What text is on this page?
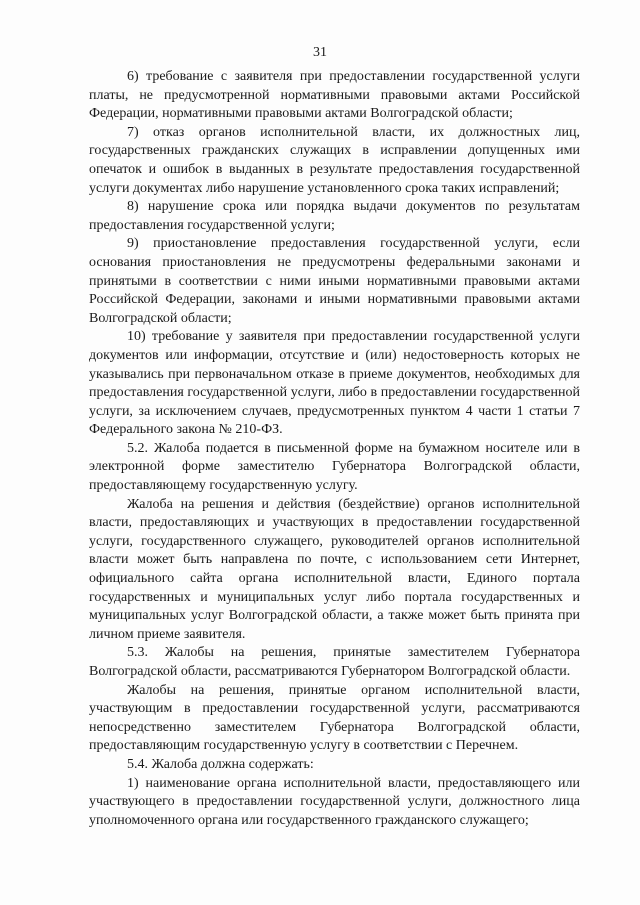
31

6) требование с заявителя при предоставлении государственной услуги платы, не предусмотренной нормативными правовыми актами Российской Федерации, нормативными правовыми актами Волгоградской области;

7) отказ органов исполнительной власти, их должностных лиц, государственных гражданских служащих в исправлении допущенных ими опечаток и ошибок в выданных в результате предоставления государственной услуги документах либо нарушение установленного срока таких исправлений;

8) нарушение срока или порядка выдачи документов по результатам предоставления государственной услуги;

9) приостановление предоставления государственной услуги, если основания приостановления не предусмотрены федеральными законами и принятыми в соответствии с ними иными нормативными правовыми актами Российской Федерации, законами и иными нормативными правовыми актами Волгоградской области;

10) требование у заявителя при предоставлении государственной услуги документов или информации, отсутствие и (или) недостоверность которых не указывались при первоначальном отказе в приеме документов, необходимых для предоставления государственной услуги, либо в предоставлении государственной услуги, за исключением случаев, предусмотренных пунктом 4 части 1 статьи 7 Федерального закона № 210-ФЗ.

5.2. Жалоба подается в письменной форме на бумажном носителе или в электронной форме заместителю Губернатора Волгоградской области, предоставляющему государственную услугу.

Жалоба на решения и действия (бездействие) органов исполнительной власти, предоставляющих и участвующих в предоставлении государственной услуги, государственного служащего, руководителей органов исполнительной власти может быть направлена по почте, с использованием сети Интернет, официального сайта органа исполнительной власти, Единого портала государственных и муниципальных услуг либо портала государственных и муниципальных услуг Волгоградской области, а также может быть принята при личном приеме заявителя.

5.3. Жалобы на решения, принятые заместителем Губернатора Волгоградской области, рассматриваются Губернатором Волгоградской области.

Жалобы на решения, принятые органом исполнительной власти, участвующим в предоставлении государственной услуги, рассматриваются непосредственно заместителем Губернатора Волгоградской области, предоставляющим государственную услугу в соответствии с Перечнем.

5.4. Жалоба должна содержать:

1) наименование органа исполнительной власти, предоставляющего или участвующего в предоставлении государственной услуги, должностного лица уполномоченного органа или государственного гражданского служащего;
